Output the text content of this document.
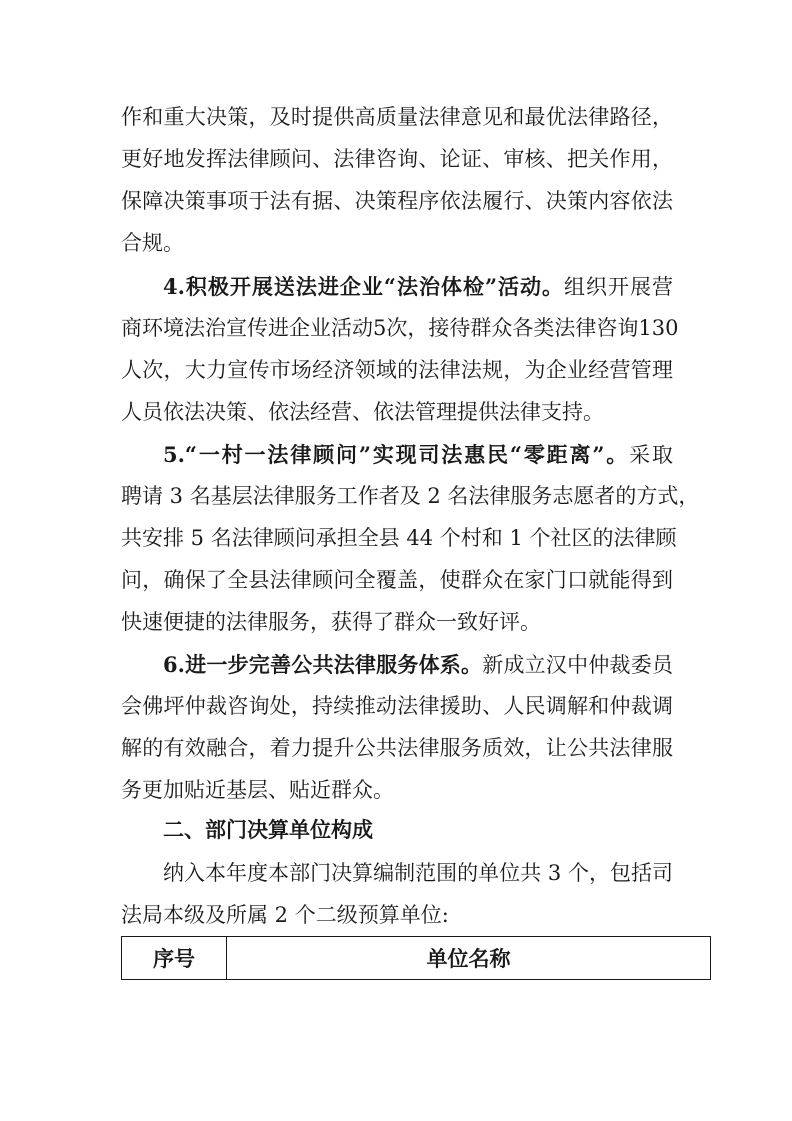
作和重大决策，及时提供高质量法律意见和最优法律路径，
更好地发挥法律顾问、法律咨询、论证、审核、把关作用，
保障决策事项于法有据、决策程序依法履行、决策内容依法
合规。
4.积极开展送法进企业“法治体检”活动。组织开展营
商环境法治宣传进企业活动5次，接待群众各类法律咨询130
人次，大力宣传市场经济领域的法律法规，为企业经营管理
人员依法决策、依法经营、依法管理提供法律支持。
5.“一村一法律顾问”实现司法惠民“零距离”。采取
聘请 3 名基层法律服务工作者及 2 名法律服务志愿者的方式，
共安排 5 名法律顾问承担全县 44 个村和 1 个社区的法律顾
问，确保了全县法律顾问全覆盖，使群众在家门口就能得到
快速便捷的法律服务，获得了群众一致好评。
6.进一步完善公共法律服务体系。新成立汉中仲裁委员
会佛坪仲裁咨询处，持续推动法律援助、人民调解和仲裁调
解的有效融合，着力提升公共法律服务质效，让公共法律服
务更加贴近基层、贴近群众。
二、部门决算单位构成
纳入本年度本部门决算编制范围的单位共 3 个，包括司
法局本级及所属 2 个二级预算单位:
序号	单位名称
